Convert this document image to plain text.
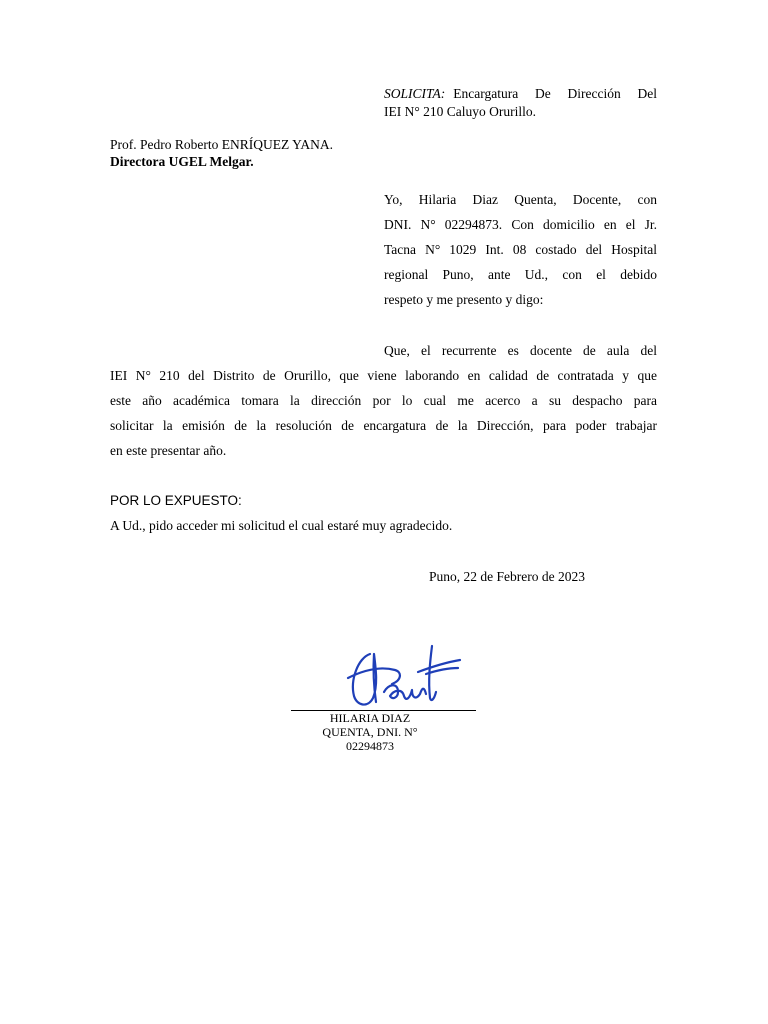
SOLICITA: Encargatura De Dirección Del
IEI N° 210 Caluyo Orurillo.
Prof. Pedro Roberto ENRÍQUEZ YANA.
Directora UGEL Melgar.
Yo, Hilaria Diaz Quenta, Docente, con
DNI. N° 02294873. Con domicilio en el Jr.
Tacna N° 1029 Int. 08 costado del Hospital
regional Puno, ante Ud., con el debido
respeto y me presento y digo:
Que, el recurrente es docente de aula del
IEI N° 210 del Distrito de Orurillo, que viene laborando en calidad de contratada y que
este año académica tomara la dirección por lo cual me acerco a su despacho para
solicitar la emisión de la resolución de encargatura de la Dirección, para poder trabajar
en este presentar año.
POR LO EXPUESTO:
A Ud., pido acceder mi solicitud el cual estaré muy agradecido.
Puno, 22 de Febrero de 2023
HILARIA DIAZ
QUENTA, DNI. N°
02294873
